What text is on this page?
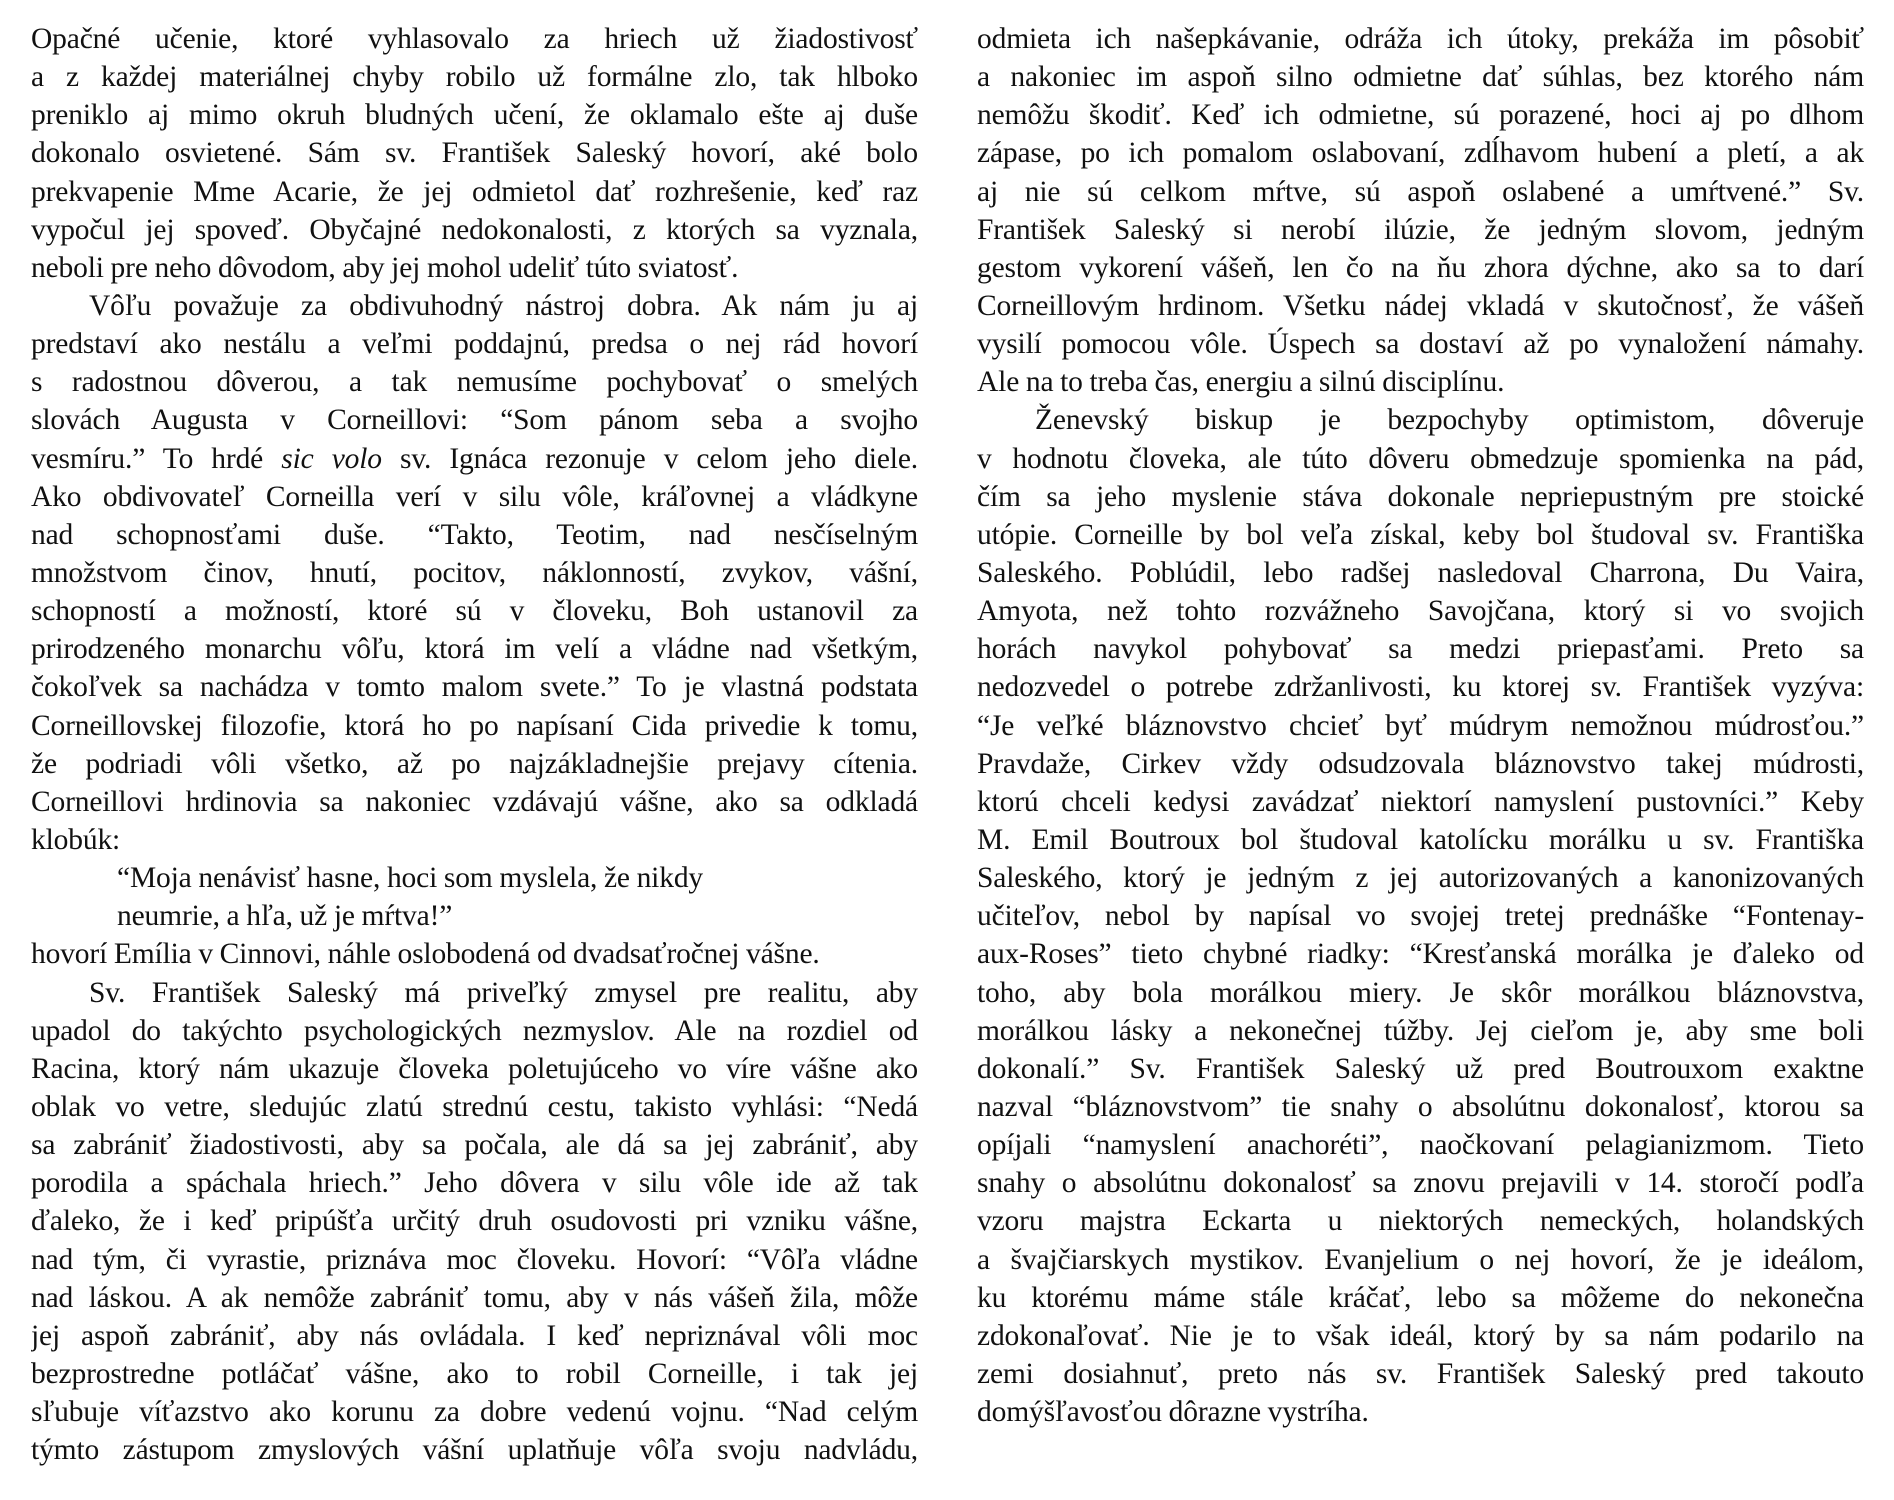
Opačné učenie, ktoré vyhlasovalo za hriech už žiadostivosť
a z každej materiálnej chyby robilo už formálne zlo, tak hlboko
preniklo aj mimo okruh bludných učení, že oklamalo ešte aj duše
dokonalo osvietené. Sám sv. František Saleský hovorí, aké bolo
prekvapenie Mme Acarie, že jej odmietol dať rozhrešenie, keď raz
vypočul jej spoveď. Obyčajné nedokonalosti, z ktorých sa vyznala,
neboli pre neho dôvodom, aby jej mohol udeliť túto sviatosť.
Vôľu považuje za obdivuhodný nástroj dobra. Ak nám ju aj
predstaví ako nestálu a veľmi poddajnú, predsa o nej rád hovorí
s radostnou dôverou, a tak nemusíme pochybovať o smelých
slovách Augusta v Corneillovi: “Som pánom seba a svojho
vesmíru.” To hrdé sic volo sv. Ignáca rezonuje v celom jeho diele.
Ako obdivovateľ Corneilla verí v silu vôle, kráľovnej a vládkyne
nad schopnosťami duše. “Takto, Teotim, nad nesčíselným
množstvom činov, hnutí, pocitov, náklonností, zvykov, vášní,
schopností a možností, ktoré sú v človeku, Boh ustanovil za
prirodzeného monarchu vôľu, ktorá im velí a vládne nad všetkým,
čokoľvek sa nachádza v tomto malom svete.” To je vlastná podstata
Corneillovskej filozofie, ktorá ho po napísaní Cida privedie k tomu,
že podriadi vôli všetko, až po najzákladnejšie prejavy cítenia.
Corneillovi hrdinovia sa nakoniec vzdávajú vášne, ako sa odkladá
klobúk:
“Moja nenávisť hasne, hoci som myslela, že nikdy
neumrie, a hľa, už je mŕtva!”
hovorí Emília v Cinnovi, náhle oslobodená od dvadsaťročnej vášne.
Sv. František Saleský má priveľký zmysel pre realitu, aby
upadol do takýchto psychologických nezmyslov. Ale na rozdiel od
Racina, ktorý nám ukazuje človeka poletujúceho vo víre vášne ako
oblak vo vetre, sledujúc zlatú strednú cestu, takisto vyhlási: “Nedá
sa zabrániť žiadostivosti, aby sa počala, ale dá sa jej zabrániť, aby
porodila a spáchala hriech.” Jeho dôvera v silu vôle ide až tak
ďaleko, že i keď pripúšťa určitý druh osudovosti pri vzniku vášne,
nad tým, či vyrastie, priznáva moc človeku. Hovorí: “Vôľa vládne
nad láskou. A ak nemôže zabrániť tomu, aby v nás vášeň žila, môže
jej aspoň zabrániť, aby nás ovládala. I keď nepriznával vôli moc
bezprostredne potláčať vášne, ako to robil Corneille, i tak jej
sľubuje víťazstvo ako korunu za dobre vedenú vojnu. “Nad celým
týmto zástupom zmyslových vášní uplatňuje vôľa svoju nadvládu,
odmieta ich našepkávanie, odráža ich útoky, prekáža im pôsobiť
a nakoniec im aspoň silno odmietne dať súhlas, bez ktorého nám
nemôžu škodiť. Keď ich odmietne, sú porazené, hoci aj po dlhom
zápase, po ich pomalom oslabovaní, zdĺhavom hubení a pletí, a ak
aj nie sú celkom mŕtve, sú aspoň oslabené a umŕtvené.” Sv.
František Saleský si nerobí ilúzie, že jedným slovom, jedným
gestom vykorení vášeň, len čo na ňu zhora dýchne, ako sa to darí
Corneillovým hrdinom. Všetku nádej vkladá v skutočnosť, že vášeň
vysilí pomocou vôle. Úspech sa dostaví až po vynaložení námahy.
Ale na to treba čas, energiu a silnú disciplínu.
Ženevský biskup je bezpochyby optimistom, dôveruje
v hodnotu človeka, ale túto dôveru obmedzuje spomienka na pád,
čím sa jeho myslenie stáva dokonale nepriepustným pre stoické
utópie. Corneille by bol veľa získal, keby bol študoval sv. Františka
Saleského. Poblúdil, lebo radšej nasledoval Charrona, Du Vaira,
Amyota, než tohto rozvážneho Savojčana, ktorý si vo svojich
horách navykol pohybovať sa medzi priepasťami. Preto sa
nedozvedel o potrebe zdržanlivosti, ku ktorej sv. František vyzýva:
“Je veľké bláznovstvo chcieť byť múdrym nemožnou múdrosťou.”
Pravdaže, Cirkev vždy odsudzovala bláznovstvo takej múdrosti,
ktorú chceli kedysi zavádzať niektorí namyslení pustovníci.” Keby
M. Emil Boutroux bol študoval katolícku morálku u sv. Františka
Saleského, ktorý je jedným z jej autorizovaných a kanonizovaných
učiteľov, nebol by napísal vo svojej tretej prednáške “Fontenay-
aux-Roses” tieto chybné riadky: “Kresťanská morálka je ďaleko od
toho, aby bola morálkou miery. Je skôr morálkou bláznovstva,
morálkou lásky a nekonečnej túžby. Jej cieľom je, aby sme boli
dokonalí.” Sv. František Saleský už pred Boutrouxom exaktne
nazval “bláznovstvom” tie snahy o absolútnu dokonalosť, ktorou sa
opíjali “namyslení anachoréti”, naočkovaní pelagianizmom. Tieto
snahy o absolútnu dokonalosť sa znovu prejavili v 14. storočí podľa
vzoru majstra Eckarta u niektorých nemeckých, holandských
a švajčiarskych mystikov. Evanjelium o nej hovorí, že je ideálom,
ku ktorému máme stále kráčať, lebo sa môžeme do nekonečna
zdokonaľovať. Nie je to však ideál, ktorý by sa nám podarilo na
zemi dosiahnuť, preto nás sv. František Saleský pred takouto
domýšľavosťou dôrazne vystríha.
